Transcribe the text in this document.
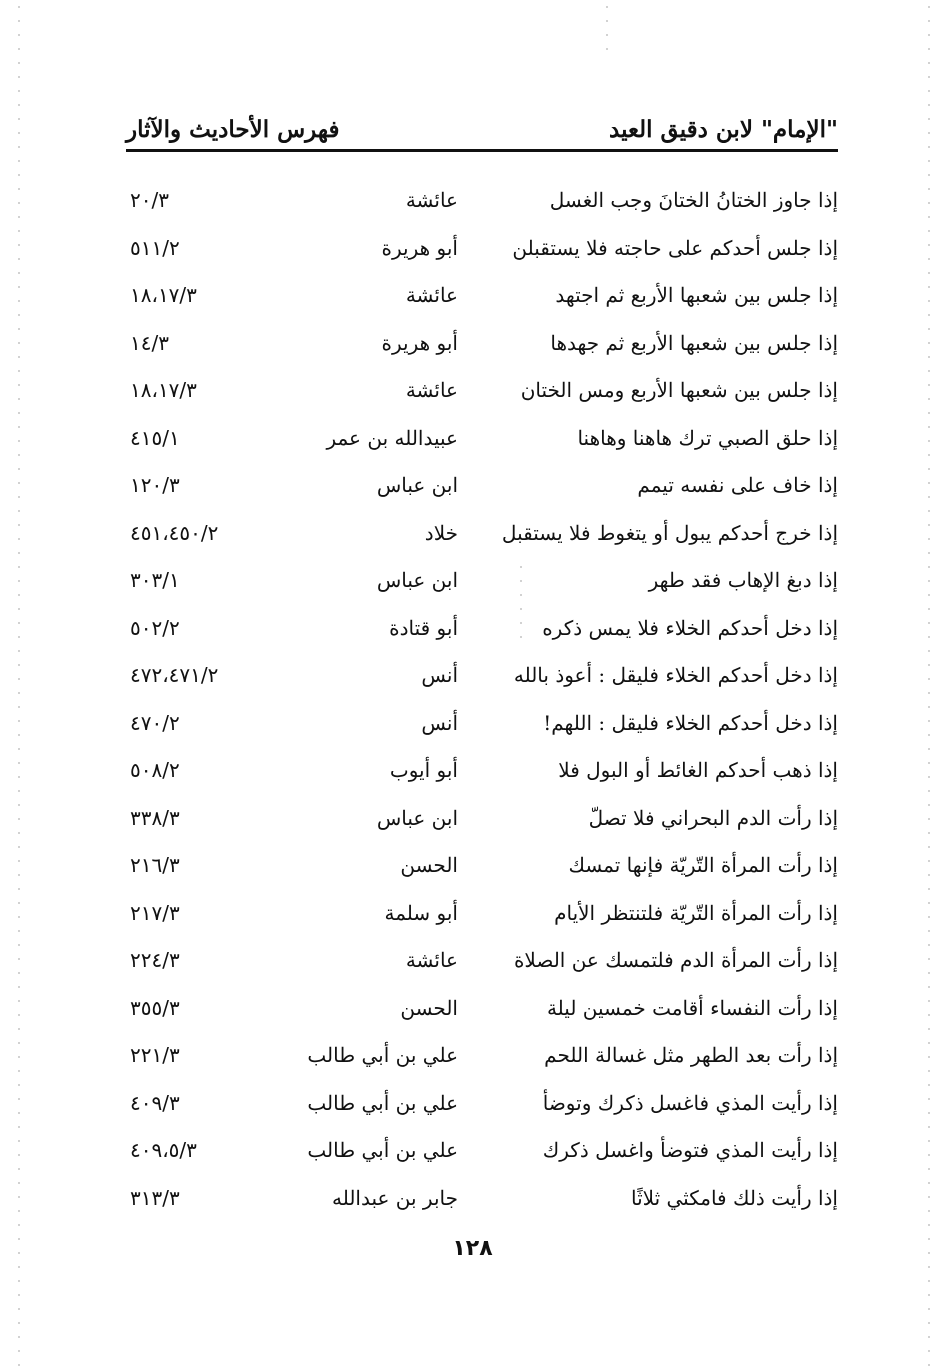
"الإمام" لابن دقيق العيد
فهرس الأحاديث والآثار
إذا جاوز الختانُ الختانَ وجب الغسل
عائشة
٢٠/٣
إذا جلس أحدكم على حاجته فلا يستقبلن
أبو هريرة
٥١١/٢
إذا جلس بين شعبها الأربع ثم اجتهد
عائشة
١٨،١٧/٣
إذا جلس بين شعبها الأربع ثم جهدها
أبو هريرة
١٤/٣
إذا جلس بين شعبها الأربع ومس الختان
عائشة
١٨،١٧/٣
إذا حلق الصبي ترك هاهنا وهاهنا
عبيدالله بن عمر
٤١٥/١
إذا خاف على نفسه تيمم
ابن عباس
١٢٠/٣
إذا خرج أحدكم يبول أو يتغوط فلا يستقبل
خلاد
٤٥١،٤٥٠/٢
إذا دبغ الإهاب فقد طهر
ابن عباس
٣٠٣/١
إذا دخل أحدكم الخلاء فلا يمس ذكره
أبو قتادة
٥٠٢/٢
إذا دخل أحدكم الخلاء فليقل : أعوذ بالله
أنس
٤٧٢،٤٧١/٢
إذا دخل أحدكم الخلاء فليقل : اللهم!
أنس
٤٧٠/٢
إذا ذهب أحدكم الغائط أو البول فلا
أبو أيوب
٥٠٨/٢
إذا رأت الدم البحراني فلا تصلّ
ابن عباس
٣٣٨/٣
إذا رأت المرأة التّريّة فإنها تمسك
الحسن
٢١٦/٣
إذا رأت المرأة التّريّة فلتنتظر الأيام
أبو سلمة
٢١٧/٣
إذا رأت المرأة الدم فلتمسك عن الصلاة
عائشة
٢٢٤/٣
إذا رأت النفساء أقامت خمسين ليلة
الحسن
٣٥٥/٣
إذا رأت بعد الطهر مثل غسالة اللحم
علي بن أبي طالب
٢٢١/٣
إذا رأيت المذي فاغسل ذكرك وتوضأ
علي بن أبي طالب
٤٠٩/٣
إذا رأيت المذي فتوضأ واغسل ذكرك
علي بن أبي طالب
٤٠٩،٥/٣
إذا رأيت ذلك فامكثي ثلاثًا
جابر بن عبدالله
٣١٣/٣
١٢٨
